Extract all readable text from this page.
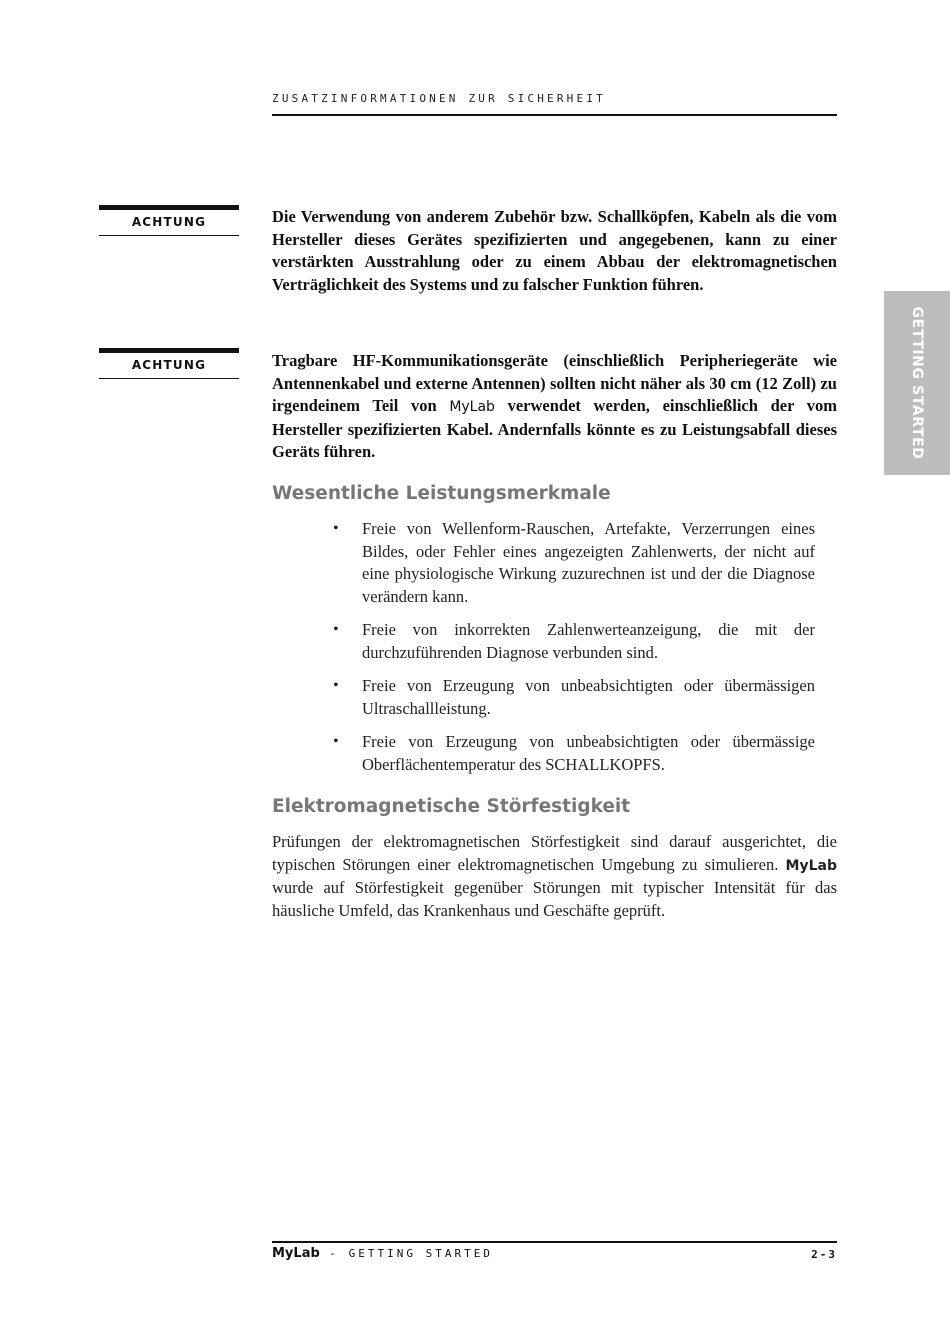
ZUSATZINFORMATIONEN ZUR SICHERHEIT
GETTING STARTED
ACHTUNG	Die Verwendung von anderem Zubehör bzw. Schallköpfen, Kabeln als die vom Hersteller dieses Gerätes spezifizierten und angegebenen, kann zu einer verstärkten Ausstrahlung oder zu einem Abbau der elektromagnetischen Verträglichkeit des Systems und zu falscher Funktion führen.
ACHTUNG	Tragbare HF-Kommunikationsgeräte (einschließlich Peripheriegeräte wie Antennenkabel und externe Antennen) sollten nicht näher als 30 cm (12 Zoll) zu irgendeinem Teil von MyLab verwendet werden, einschließlich der vom Hersteller spezifizierten Kabel. Andernfalls könnte es zu Leistungsabfall dieses Geräts führen.
Wesentliche Leistungsmerkmale
• Freie von Wellenform-Rauschen, Artefakte, Verzerrungen eines Bildes, oder Fehler eines angezeigten Zahlenwerts, der nicht auf eine physiologische Wirkung zuzurechnen ist und der die Diagnose verändern kann.
• Freie von inkorrekten Zahlenwerteanzeigung, die mit der durchzuführenden Diagnose verbunden sind.
• Freie von Erzeugung von unbeabsichtigten oder übermässigen Ultraschallleistung.
• Freie von Erzeugung von unbeabsichtigten oder übermässige Oberflächentemperatur des SCHALLKOPFS.
Elektromagnetische Störfestigkeit
Prüfungen der elektromagnetischen Störfestigkeit sind darauf ausgerichtet, die typischen Störungen einer elektromagnetischen Umgebung zu simulieren. MyLab wurde auf Störfestigkeit gegenüber Störungen mit typischer Intensität für das häusliche Umfeld, das Krankenhaus und Geschäfte geprüft.
MyLab - GETTING STARTED	2-3
